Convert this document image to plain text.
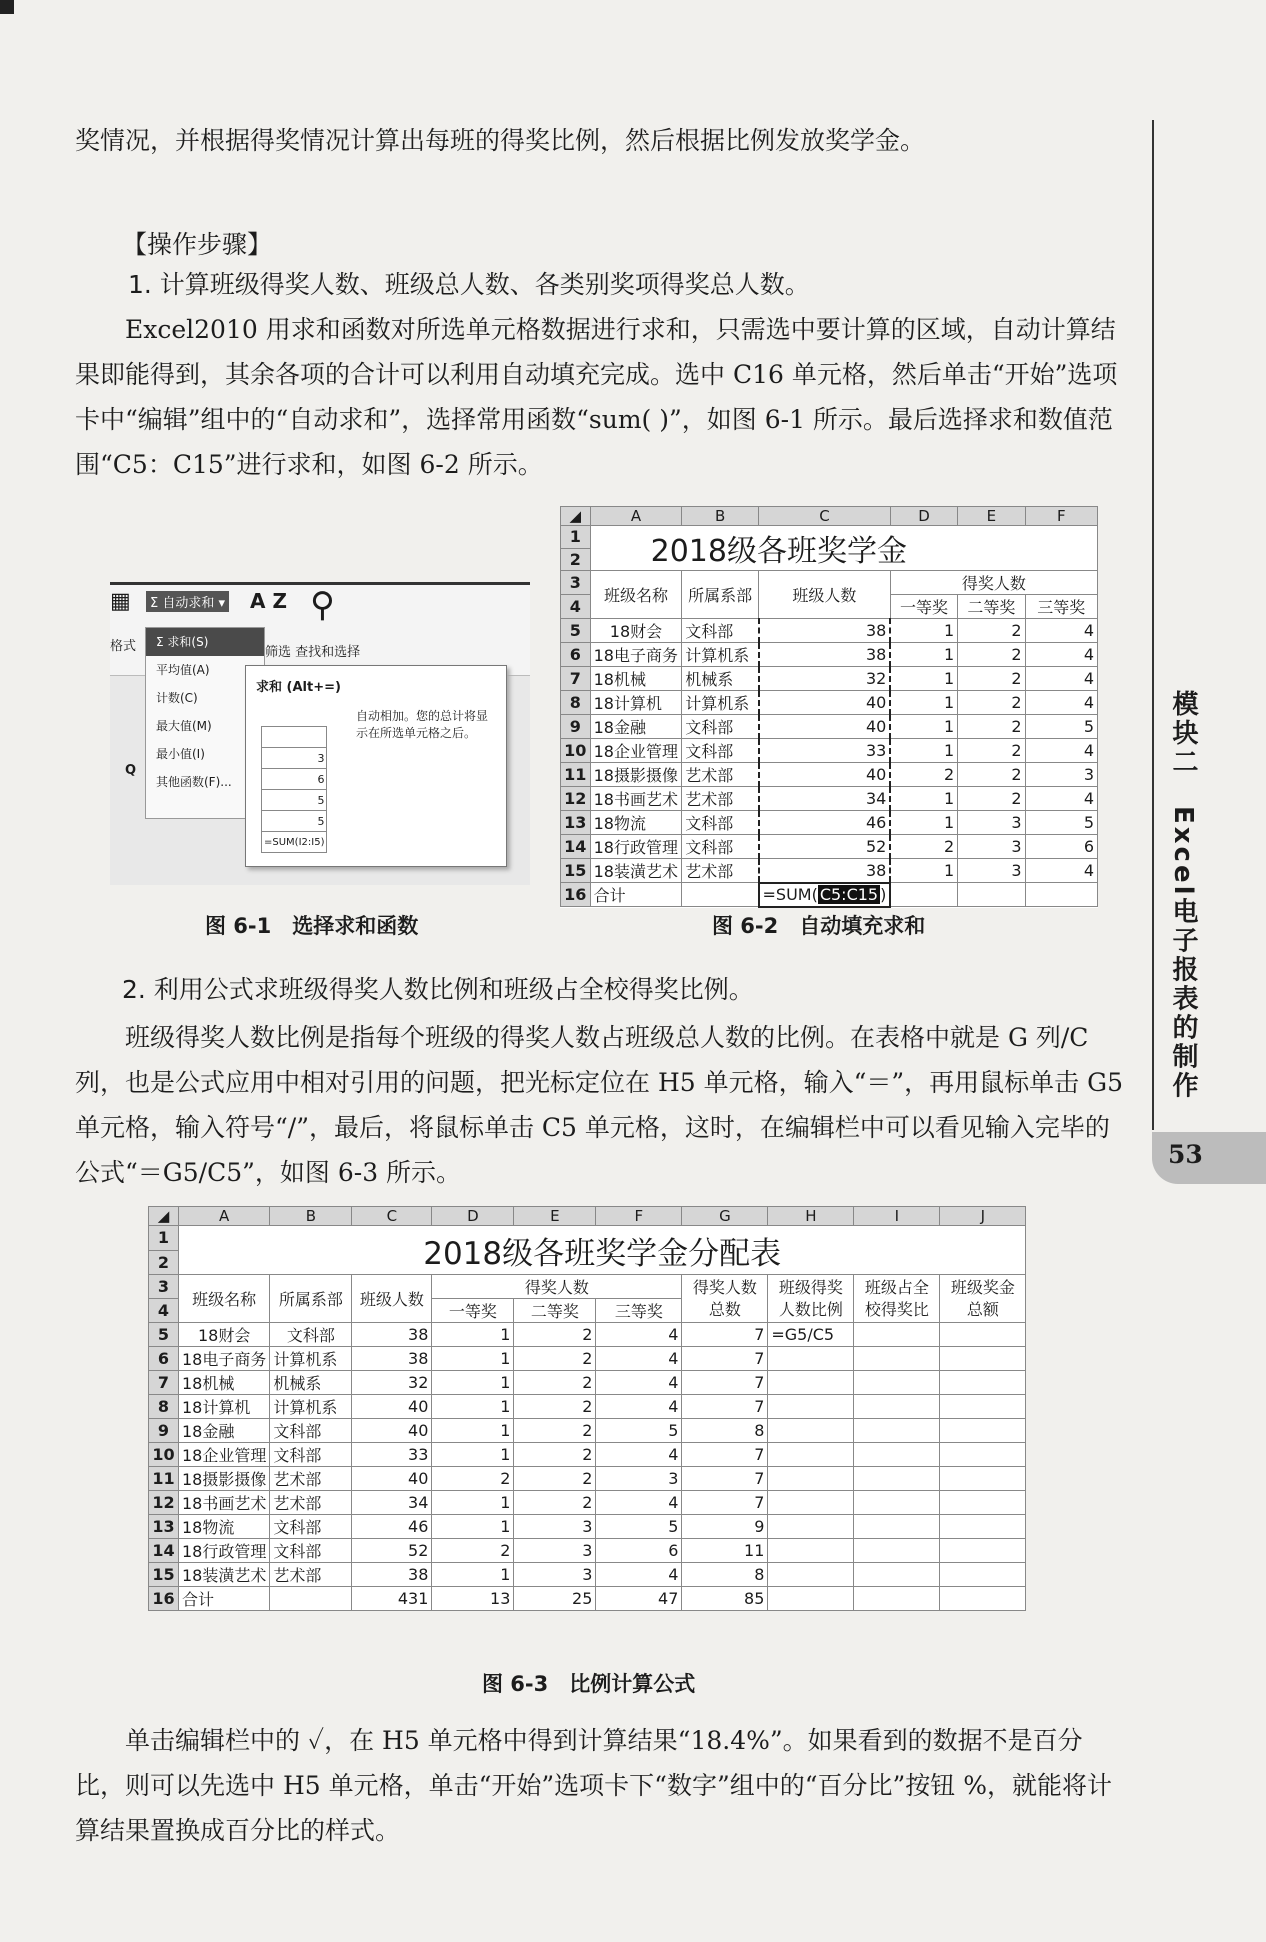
奖情况，并根据得奖情况计算出每班的得奖比例，然后根据比例发放奖学金。

【操作步骤】
1. 计算班级得奖人数、班级总人数、各类别奖项得奖总人数。

Excel2010 用求和函数对所选单元格数据进行求和，只需选中要计算的区域，自动计算结果即能得到，其余各项的合计可以利用自动填充完成。选中 C16 单元格，然后单击“开始”选项卡中“编辑”组中的“自动求和”，选择常用函数“sum( )”，如图 6-1 所示。最后选择求和数值范围“C5：C15”进行求和，如图 6-2 所示。

Σ 自动求和 ▾ A Z ⚲
筛选 查找和选择
格式
▦
Q
Σ 求和(S)
平均值(A)
计数(C)
最大值(M)
最小值(I)
其他函数(F)...
求和 (Alt+=)

3
6
5
5
=SUM(I2:I5)
自动相加。您的总计将显示在所选单元格之后。
图 6-1　选择求和函数
◢	A	B	C	D	E	F
1	2018级各班奖学金					
2						
3	班级名称	所属系部	班级人数	得奖人数		
4				一等奖	二等奖	三等奖
5	18财会	文科部	38	1	2	4
6	18电子商务	计算机系	38	1	2	4
7	18机械	机械系	32	1	2	4
8	18计算机	计算机系	40	1	2	4
9	18金融	文科部	40	1	2	5
10	18企业管理	文科部	33	1	2	4
11	18摄影摄像	艺术部	40	2	2	3
12	18书画艺术	艺术部	34	1	2	4
13	18物流	文科部	46	1	3	5
14	18行政管理	文科部	52	2	3	6
15	18装潢艺术	艺术部	38	1	3	4
16	合计		=SUM( C5:C15 )			
图 6-2　自动填充求和
2. 利用公式求班级得奖人数比例和班级占全校得奖比例。

班级得奖人数比例是指每个班级的得奖人数占班级总人数的比例。在表格中就是 G 列/C 列，也是公式应用中相对引用的问题，把光标定位在 H5 单元格，输入“＝”，再用鼠标单击 G5 单元格，输入符号“/”，最后，将鼠标单击 C5 单元格，这时，在编辑栏中可以看见输入完毕的公式“＝G5/C5”，如图 6-3 所示。

◢	A	B	C	D	E	F	G	H	I	J
1	2018级各班奖学金分配表									
2										
3	班级名称	所属系部	班级人数	得奖人数			得奖人数总数	班级得奖人数比例	班级占全校得奖比	班级奖金总额
4				一等奖	二等奖	三等奖				
5	18财会	文科部	38	1	2	4	7	=G5/C5		
6	18电子商务	计算机系	38	1	2	4	7			
7	18机械	机械系	32	1	2	4	7			
8	18计算机	计算机系	40	1	2	4	7			
9	18金融	文科部	40	1	2	5	8			
10	18企业管理	文科部	33	1	2	4	7			
11	18摄影摄像	艺术部	40	2	2	3	7			
12	18书画艺术	艺术部	34	1	2	4	7			
13	18物流	文科部	46	1	3	5	9			
14	18行政管理	文科部	52	2	3	6	11			
15	18装潢艺术	艺术部	38	1	3	4	8			
16	合计		431	13	25	47	85			
图 6-3　比例计算公式

单击编辑栏中的 ✓，在 H5 单元格中得到计算结果“18.4%”。如果看到的数据不是百分比，则可以先选中 H5 单元格，单击“开始”选项卡下“数字”组中的“百分比”按钮 %，就能将计算结果置换成百分比的样式。

模块二　Excel电子报表的制作
53
